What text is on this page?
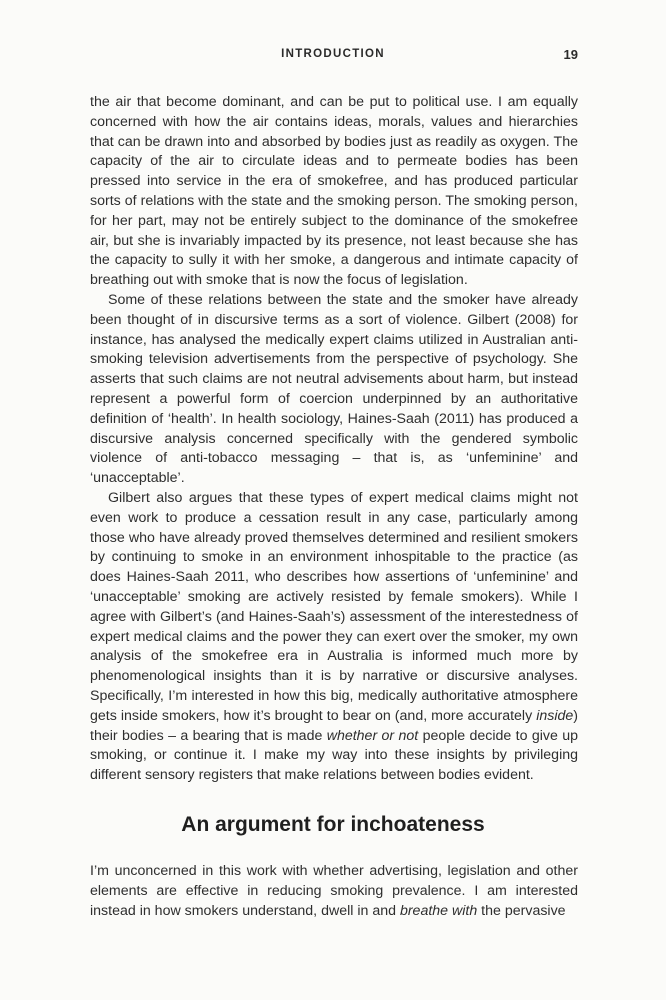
INTRODUCTION	19

the air that become dominant, and can be put to political use. I am equally concerned with how the air contains ideas, morals, values and hierarchies that can be drawn into and absorbed by bodies just as readily as oxygen. The capacity of the air to circulate ideas and to permeate bodies has been pressed into service in the era of smokefree, and has produced particular sorts of relations with the state and the smoking person. The smoking person, for her part, may not be entirely subject to the dominance of the smokefree air, but she is invariably impacted by its presence, not least because she has the capacity to sully it with her smoke, a dangerous and intimate capacity of breathing out with smoke that is now the focus of legislation.

Some of these relations between the state and the smoker have already been thought of in discursive terms as a sort of violence. Gilbert (2008) for instance, has analysed the medically expert claims utilized in Australian anti-smoking television advertisements from the perspective of psychology. She asserts that such claims are not neutral advisements about harm, but instead represent a powerful form of coercion underpinned by an authoritative definition of ‘health’. In health sociology, Haines-Saah (2011) has produced a discursive analysis concerned specifically with the gendered symbolic violence of anti-tobacco messaging – that is, as ‘unfeminine’ and ‘unacceptable’.

Gilbert also argues that these types of expert medical claims might not even work to produce a cessation result in any case, particularly among those who have already proved themselves determined and resilient smokers by continuing to smoke in an environment inhospitable to the practice (as does Haines-Saah 2011, who describes how assertions of ‘unfeminine’ and ‘unacceptable’ smoking are actively resisted by female smokers). While I agree with Gilbert’s (and Haines-Saah’s) assessment of the interestedness of expert medical claims and the power they can exert over the smoker, my own analysis of the smokefree era in Australia is informed much more by phenomenological insights than it is by narrative or discursive analyses. Specifically, I’m interested in how this big, medically authoritative atmosphere gets inside smokers, how it’s brought to bear on (and, more accurately inside) their bodies – a bearing that is made whether or not people decide to give up smoking, or continue it. I make my way into these insights by privileging different sensory registers that make relations between bodies evident.

An argument for inchoateness

I’m unconcerned in this work with whether advertising, legislation and other elements are effective in reducing smoking prevalence. I am interested instead in how smokers understand, dwell in and breathe with the pervasive
